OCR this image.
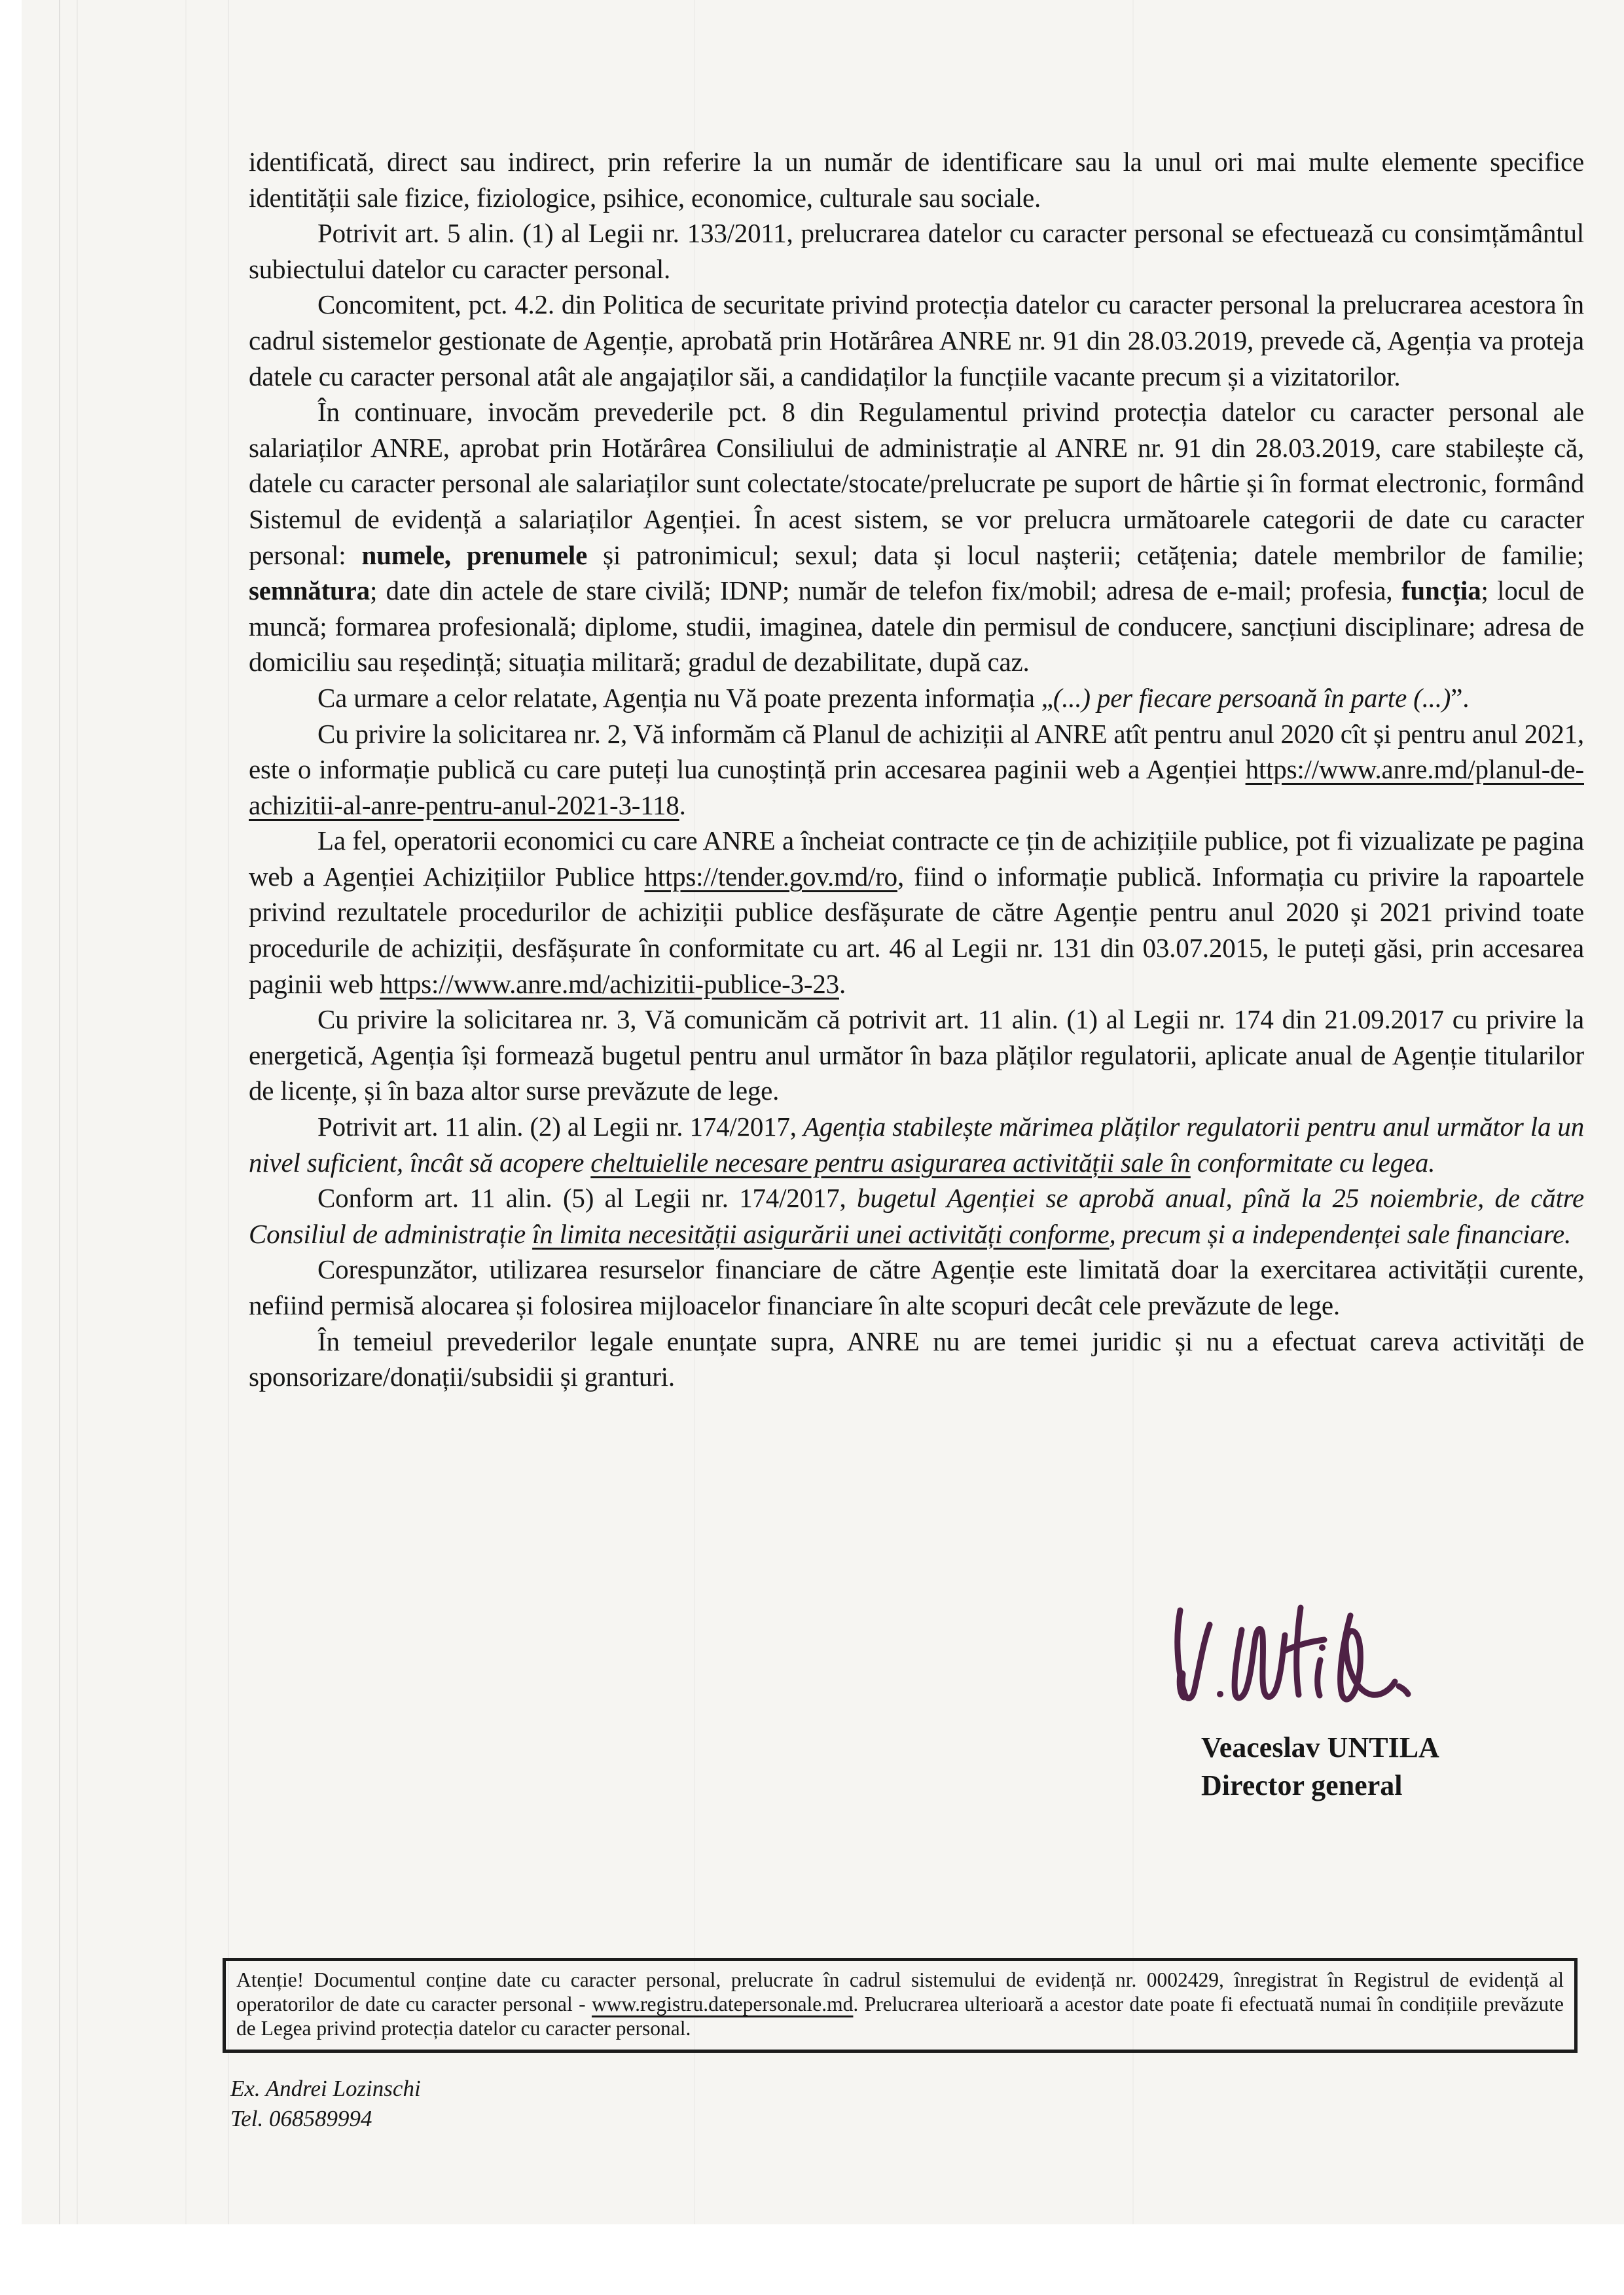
identificată, direct sau indirect, prin referire la un număr de identificare sau la unul ori mai multe elemente specifice identității sale fizice, fiziologice, psihice, economice, culturale sau sociale.

Potrivit art. 5 alin. (1) al Legii nr. 133/2011, prelucrarea datelor cu caracter personal se efectuează cu consimțământul subiectului datelor cu caracter personal.

Concomitent, pct. 4.2. din Politica de securitate privind protecția datelor cu caracter personal la prelucrarea acestora în cadrul sistemelor gestionate de Agenție, aprobată prin Hotărârea ANRE nr. 91 din 28.03.2019, prevede că, Agenția va proteja datele cu caracter personal atât ale angajaților săi, a candidaților la funcțiile vacante precum și a vizitatorilor.

În continuare, invocăm prevederile pct. 8 din Regulamentul privind protecția datelor cu caracter personal ale salariaților ANRE, aprobat prin Hotărârea Consiliului de administrație al ANRE nr. 91 din 28.03.2019, care stabilește că, datele cu caracter personal ale salariaților sunt colectate/stocate/prelucrate pe suport de hârtie și în format electronic, formând Sistemul de evidență a salariaților Agenției. În acest sistem, se vor prelucra următoarele categorii de date cu caracter personal: numele, prenumele și patronimicul; sexul; data și locul nașterii; cetățenia; datele membrilor de familie; semnătura; date din actele de stare civilă; IDNP; număr de telefon fix/mobil; adresa de e-mail; profesia, funcția; locul de muncă; formarea profesională; diplome, studii, imaginea, datele din permisul de conducere, sancțiuni disciplinare; adresa de domiciliu sau reședință; situația militară; gradul de dezabilitate, după caz.

Ca urmare a celor relatate, Agenția nu Vă poate prezenta informația „(...) per fiecare persoană în parte (...)”.

Cu privire la solicitarea nr. 2, Vă informăm că Planul de achiziții al ANRE atît pentru anul 2020 cît și pentru anul 2021, este o informație publică cu care puteți lua cunoștință prin accesarea paginii web a Agenției https://www.anre.md/planul-de-achizitii-al-anre-pentru-anul-2021-3-118.

La fel, operatorii economici cu care ANRE a încheiat contracte ce țin de achizițiile publice, pot fi vizualizate pe pagina web a Agenției Achizițiilor Publice https://tender.gov.md/ro, fiind o informație publică. Informația cu privire la rapoartele privind rezultatele procedurilor de achiziții publice desfășurate de către Agenție pentru anul 2020 și 2021 privind toate procedurile de achiziții, desfășurate în conformitate cu art. 46 al Legii nr. 131 din 03.07.2015, le puteți găsi, prin accesarea paginii web https://www.anre.md/achizitii-publice-3-23.

Cu privire la solicitarea nr. 3, Vă comunicăm că potrivit art. 11 alin. (1) al Legii nr. 174 din 21.09.2017 cu privire la energetică, Agenția își formează bugetul pentru anul următor în baza plăților regulatorii, aplicate anual de Agenție titularilor de licențe, și în baza altor surse prevăzute de lege.

Potrivit art. 11 alin. (2) al Legii nr. 174/2017, Agenția stabilește mărimea plăților regulatorii pentru anul următor la un nivel suficient, încât să acopere cheltuielile necesare pentru asigurarea activității sale în conformitate cu legea.

Conform art. 11 alin. (5) al Legii nr. 174/2017, bugetul Agenției se aprobă anual, pînă la 25 noiembrie, de către Consiliul de administrație în limita necesității asigurării unei activități conforme, precum și a independenței sale financiare.

Corespunzător, utilizarea resurselor financiare de către Agenție este limitată doar la exercitarea activității curente, nefiind permisă alocarea și folosirea mijloacelor financiare în alte scopuri decât cele prevăzute de lege.

În temeiul prevederilor legale enunțate supra, ANRE nu are temei juridic și nu a efectuat careva activități de sponsorizare/donații/subsidii și granturi.

Veaceslav UNTILA
Director general
Atenție! Documentul conține date cu caracter personal, prelucrate în cadrul sistemului de evidență nr. 0002429, înregistrat în Registrul de evidență al operatorilor de date cu caracter personal - www.registru.datepersonale.md. Prelucrarea ulterioară a acestor date poate fi efectuată numai în condițiile prevăzute de Legea privind protecția datelor cu caracter personal.
Ex. Andrei Lozinschi
Tel. 068589994
